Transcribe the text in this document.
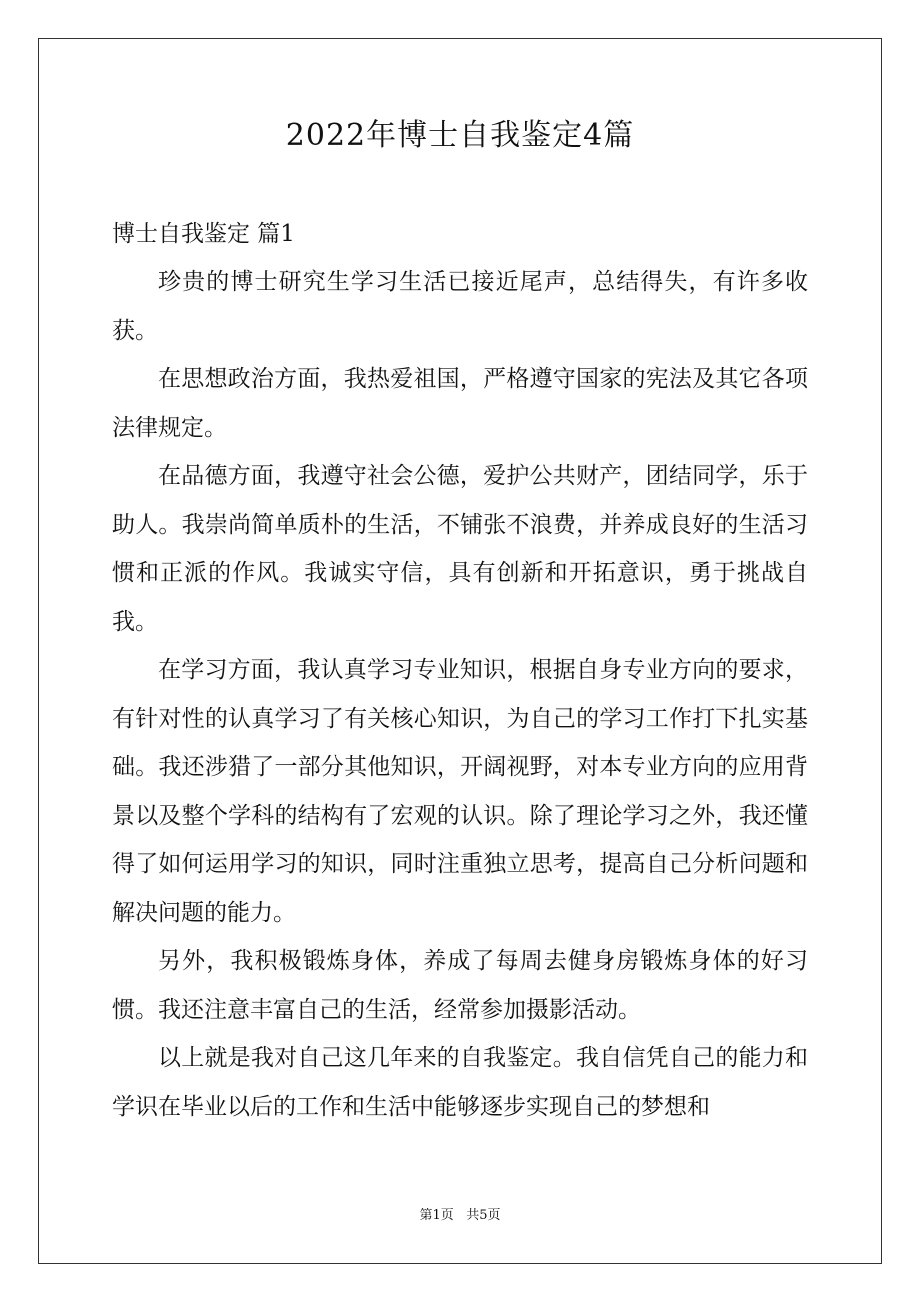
2022年博士自我鉴定4篇

博士自我鉴定 篇1

珍贵的博士研究生学习生活已接近尾声，总结得失，有许多收获。

在思想政治方面，我热爱祖国，严格遵守国家的宪法及其它各项法律规定。

在品德方面，我遵守社会公德，爱护公共财产，团结同学，乐于助人。我崇尚简单质朴的生活，不铺张不浪费，并养成良好的生活习惯和正派的作风。我诚实守信，具有创新和开拓意识，勇于挑战自我。

在学习方面，我认真学习专业知识，根据自身专业方向的要求，有针对性的认真学习了有关核心知识，为自己的学习工作打下扎实基础。我还涉猎了一部分其他知识，开阔视野，对本专业方向的应用背景以及整个学科的结构有了宏观的认识。除了理论学习之外，我还懂得了如何运用学习的知识，同时注重独立思考，提高自己分析问题和解决问题的能力。

另外，我积极锻炼身体，养成了每周去健身房锻炼身体的好习惯。我还注意丰富自己的生活，经常参加摄影活动。

以上就是我对自己这几年来的自我鉴定。我自信凭自己的能力和学识在毕业以后的工作和生活中能够逐步实现自己的梦想和

第1页 共5页
